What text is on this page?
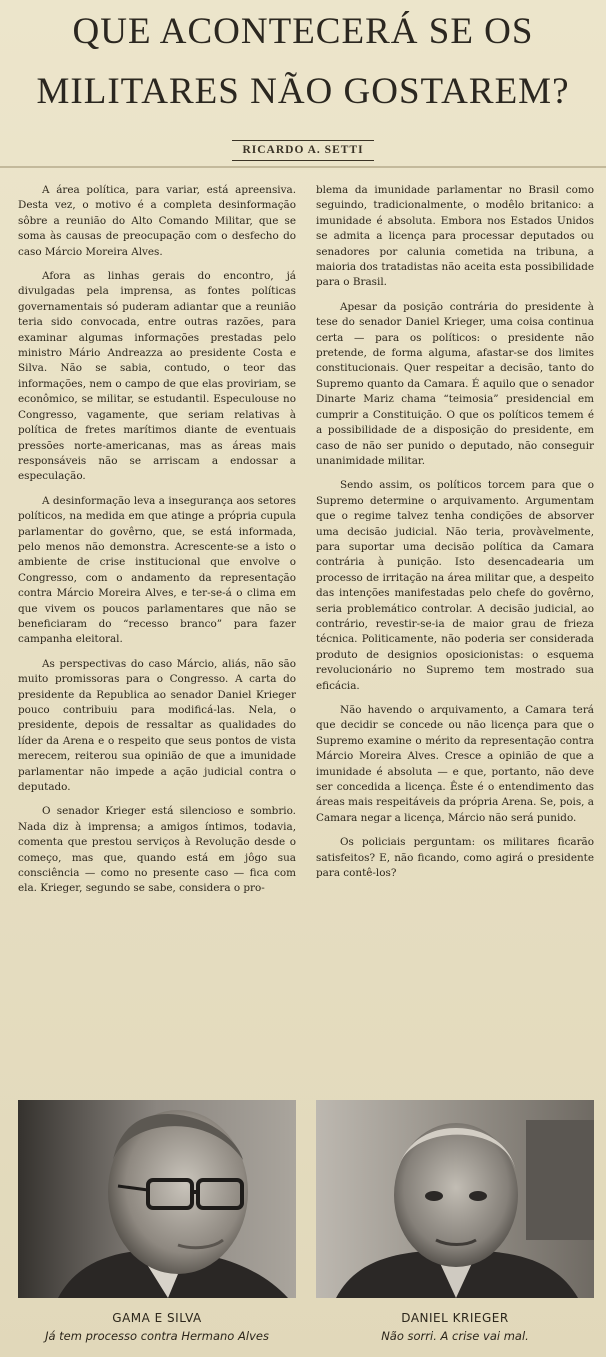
QUE ACONTECERÁ SE OS
MILITARES NÃO GOSTAREM?
RICARDO A. SETTI

A área política, para variar, está apreensiva. Desta vez, o motivo é a completa desinformação sôbre a reunião do Alto Comando Militar, que se soma às causas de preocupação com o desfecho do caso Márcio Moreira Alves.

Afora as linhas gerais do encontro, já divulgadas pela imprensa, as fontes políticas governamentais só puderam adiantar que a reunião teria sido convocada, entre outras razões, para examinar algumas informações prestadas pelo ministro Mário Andreazza ao presidente Costa e Silva. Não se sabia, contudo, o teor das informações, nem o campo de que elas proviriam, se econômico, se militar, se estudantil. Especulouse no Congresso, vagamente, que seriam relativas à política de fretes marítimos diante de eventuais pressões norte-americanas, mas as áreas mais responsáveis não se arriscam a endossar a especulação.

A desinformação leva a insegurança aos setores políticos, na medida em que atinge a própria cupula parlamentar do govêrno, que, se está informada, pelo menos não demonstra. Acrescente-se a isto o ambiente de crise institucional que envolve o Congresso, com o andamento da representação contra Márcio Moreira Alves, e ter-se-á o clima em que vivem os poucos parlamentares que não se beneficiaram do “recesso branco” para fazer campanha eleitoral.

As perspectivas do caso Márcio, aliás, não são muito promissoras para o Congresso. A carta do presidente da Republica ao senador Daniel Krieger pouco contribuiu para modificá-las. Nela, o presidente, depois de ressaltar as qualidades do líder da Arena e o respeito que seus pontos de vista merecem, reiterou sua opinião de que a imunidade parlamentar não impede a ação judicial contra o deputado.

O senador Krieger está silencioso e sombrio. Nada diz à imprensa; a amigos íntimos, todavia, comenta que prestou serviços à Revolução desde o começo, mas que, quando está em jôgo sua consciência — como no presente caso — fica com ela. Krieger, segundo se sabe, considera o pro-

blema da imunidade parlamentar no Brasil como seguindo, tradicionalmente, o modêlo britanico: a imunidade é absoluta. Embora nos Estados Unidos se admita a licença para processar deputados ou senadores por calunia cometida na tribuna, a maioria dos tratadistas não aceita esta possibilidade para o Brasil.

Apesar da posição contrária do presidente à tese do senador Daniel Krieger, uma coisa continua certa — para os políticos: o presidente não pretende, de forma alguma, afastar-se dos limites constitucionais. Quer respeitar a decisão, tanto do Supremo quanto da Camara. É aquilo que o senador Dinarte Mariz chama “teimosia” presidencial em cumprir a Constituição. O que os políticos temem é a possibilidade de a disposição do presidente, em caso de não ser punido o deputado, não conseguir unanimidade militar.

Sendo assim, os políticos torcem para que o Supremo determine o arquivamento. Argumentam que o regime talvez tenha condições de absorver uma decisão judicial. Não teria, provàvelmente, para suportar uma decisão política da Camara contrária à punição. Isto desencadearia um processo de irritação na área militar que, a despeito das intenções manifestadas pelo chefe do govêrno, seria problemático controlar. A decisão judicial, ao contrário, revestir-se-ia de maior grau de frieza técnica. Politicamente, não poderia ser considerada produto de designios oposicionistas: o esquema revolucionário no Supremo tem mostrado sua eficácia.

Não havendo o arquivamento, a Camara terá que decidir se concede ou não licença para que o Supremo examine o mérito da representação contra Márcio Moreira Alves. Cresce a opinião de que a imunidade é absoluta — e que, portanto, não deve ser concedida a licença. Êste é o entendimento das áreas mais respeitáveis da própria Arena. Se, pois, a Camara negar a licença, Márcio não será punido.

Os policiais perguntam: os militares ficarão satisfeitos? E, não ficando, como agirá o presidente para contê-los?

GAMA E SILVA
Já tem processo contra Hermano Alves
DANIEL KRIEGER
Não sorri. A crise vai mal.
